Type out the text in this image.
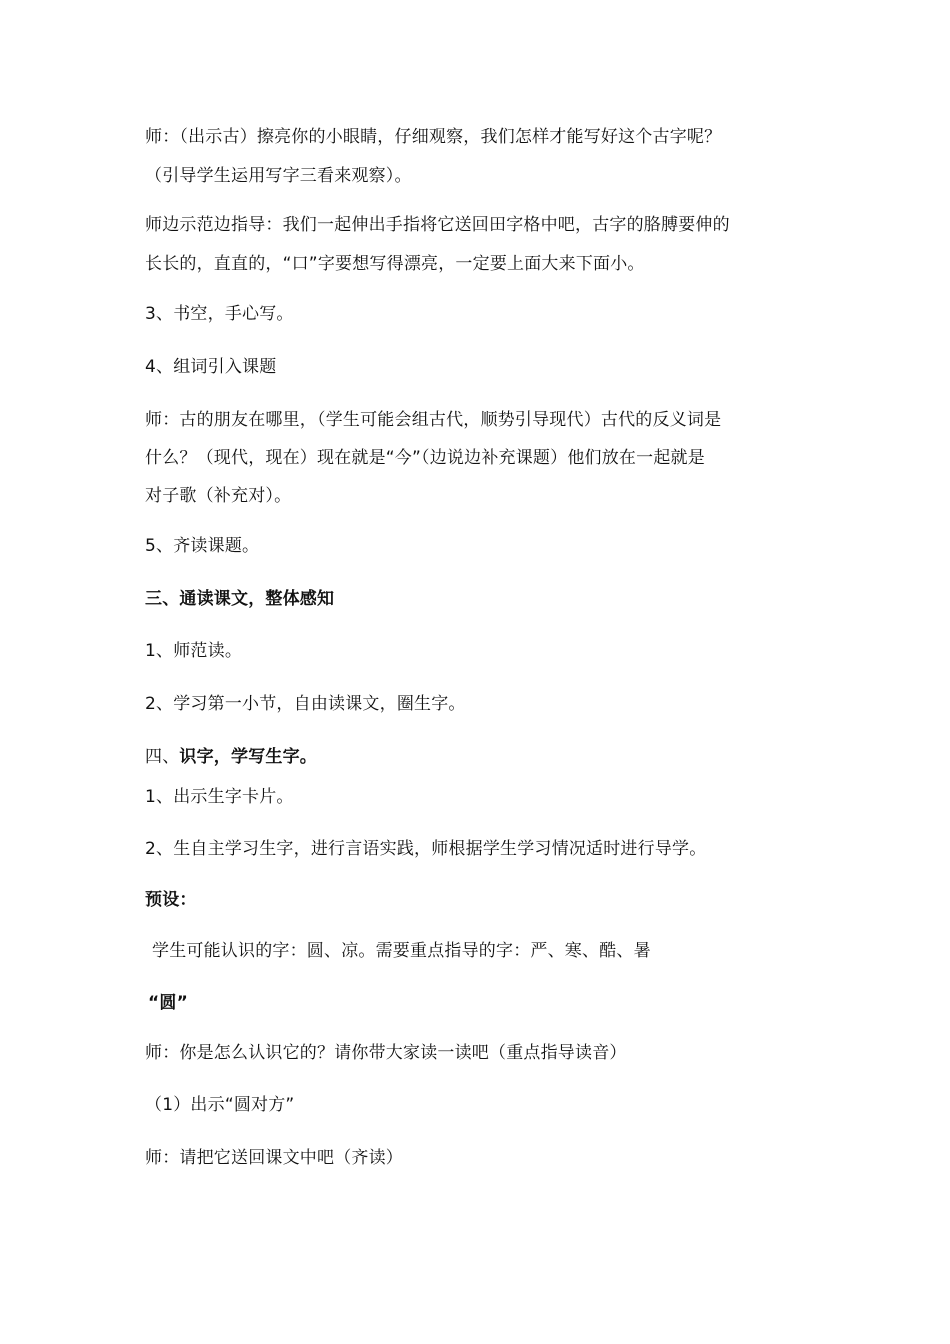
师：（出示古）擦亮你的小眼睛，仔细观察，我们怎样才能写好这个古字呢？
（引导学生运用写字三看来观察）。
师边示范边指导：我们一起伸出手指将它送回田字格中吧，古字的胳膊要伸的
长长的，直直的，“口”字要想写得漂亮，一定要上面大来下面小。
3、书空，手心写。
4、组词引入课题
师：古的朋友在哪里，（学生可能会组古代，顺势引导现代）古代的反义词是
什么？（现代，现在）现在就是“今”（边说边补充课题）他们放在一起就是
对子歌（补充对）。
5、齐读课题。
三、通读课文，整体感知
1、师范读。
2、学习第一小节，自由读课文，圈生字。
四、识字，学写生字。
1、出示生字卡片。
2、生自主学习生字，进行言语实践，师根据学生学习情况适时进行导学。
预设：
学生可能认识的字：圆、凉。需要重点指导的字：严、寒、酷、暑
“圆”
师：你是怎么认识它的？请你带大家读一读吧（重点指导读音）
（1）出示“圆对方”
师：请把它送回课文中吧（齐读）
